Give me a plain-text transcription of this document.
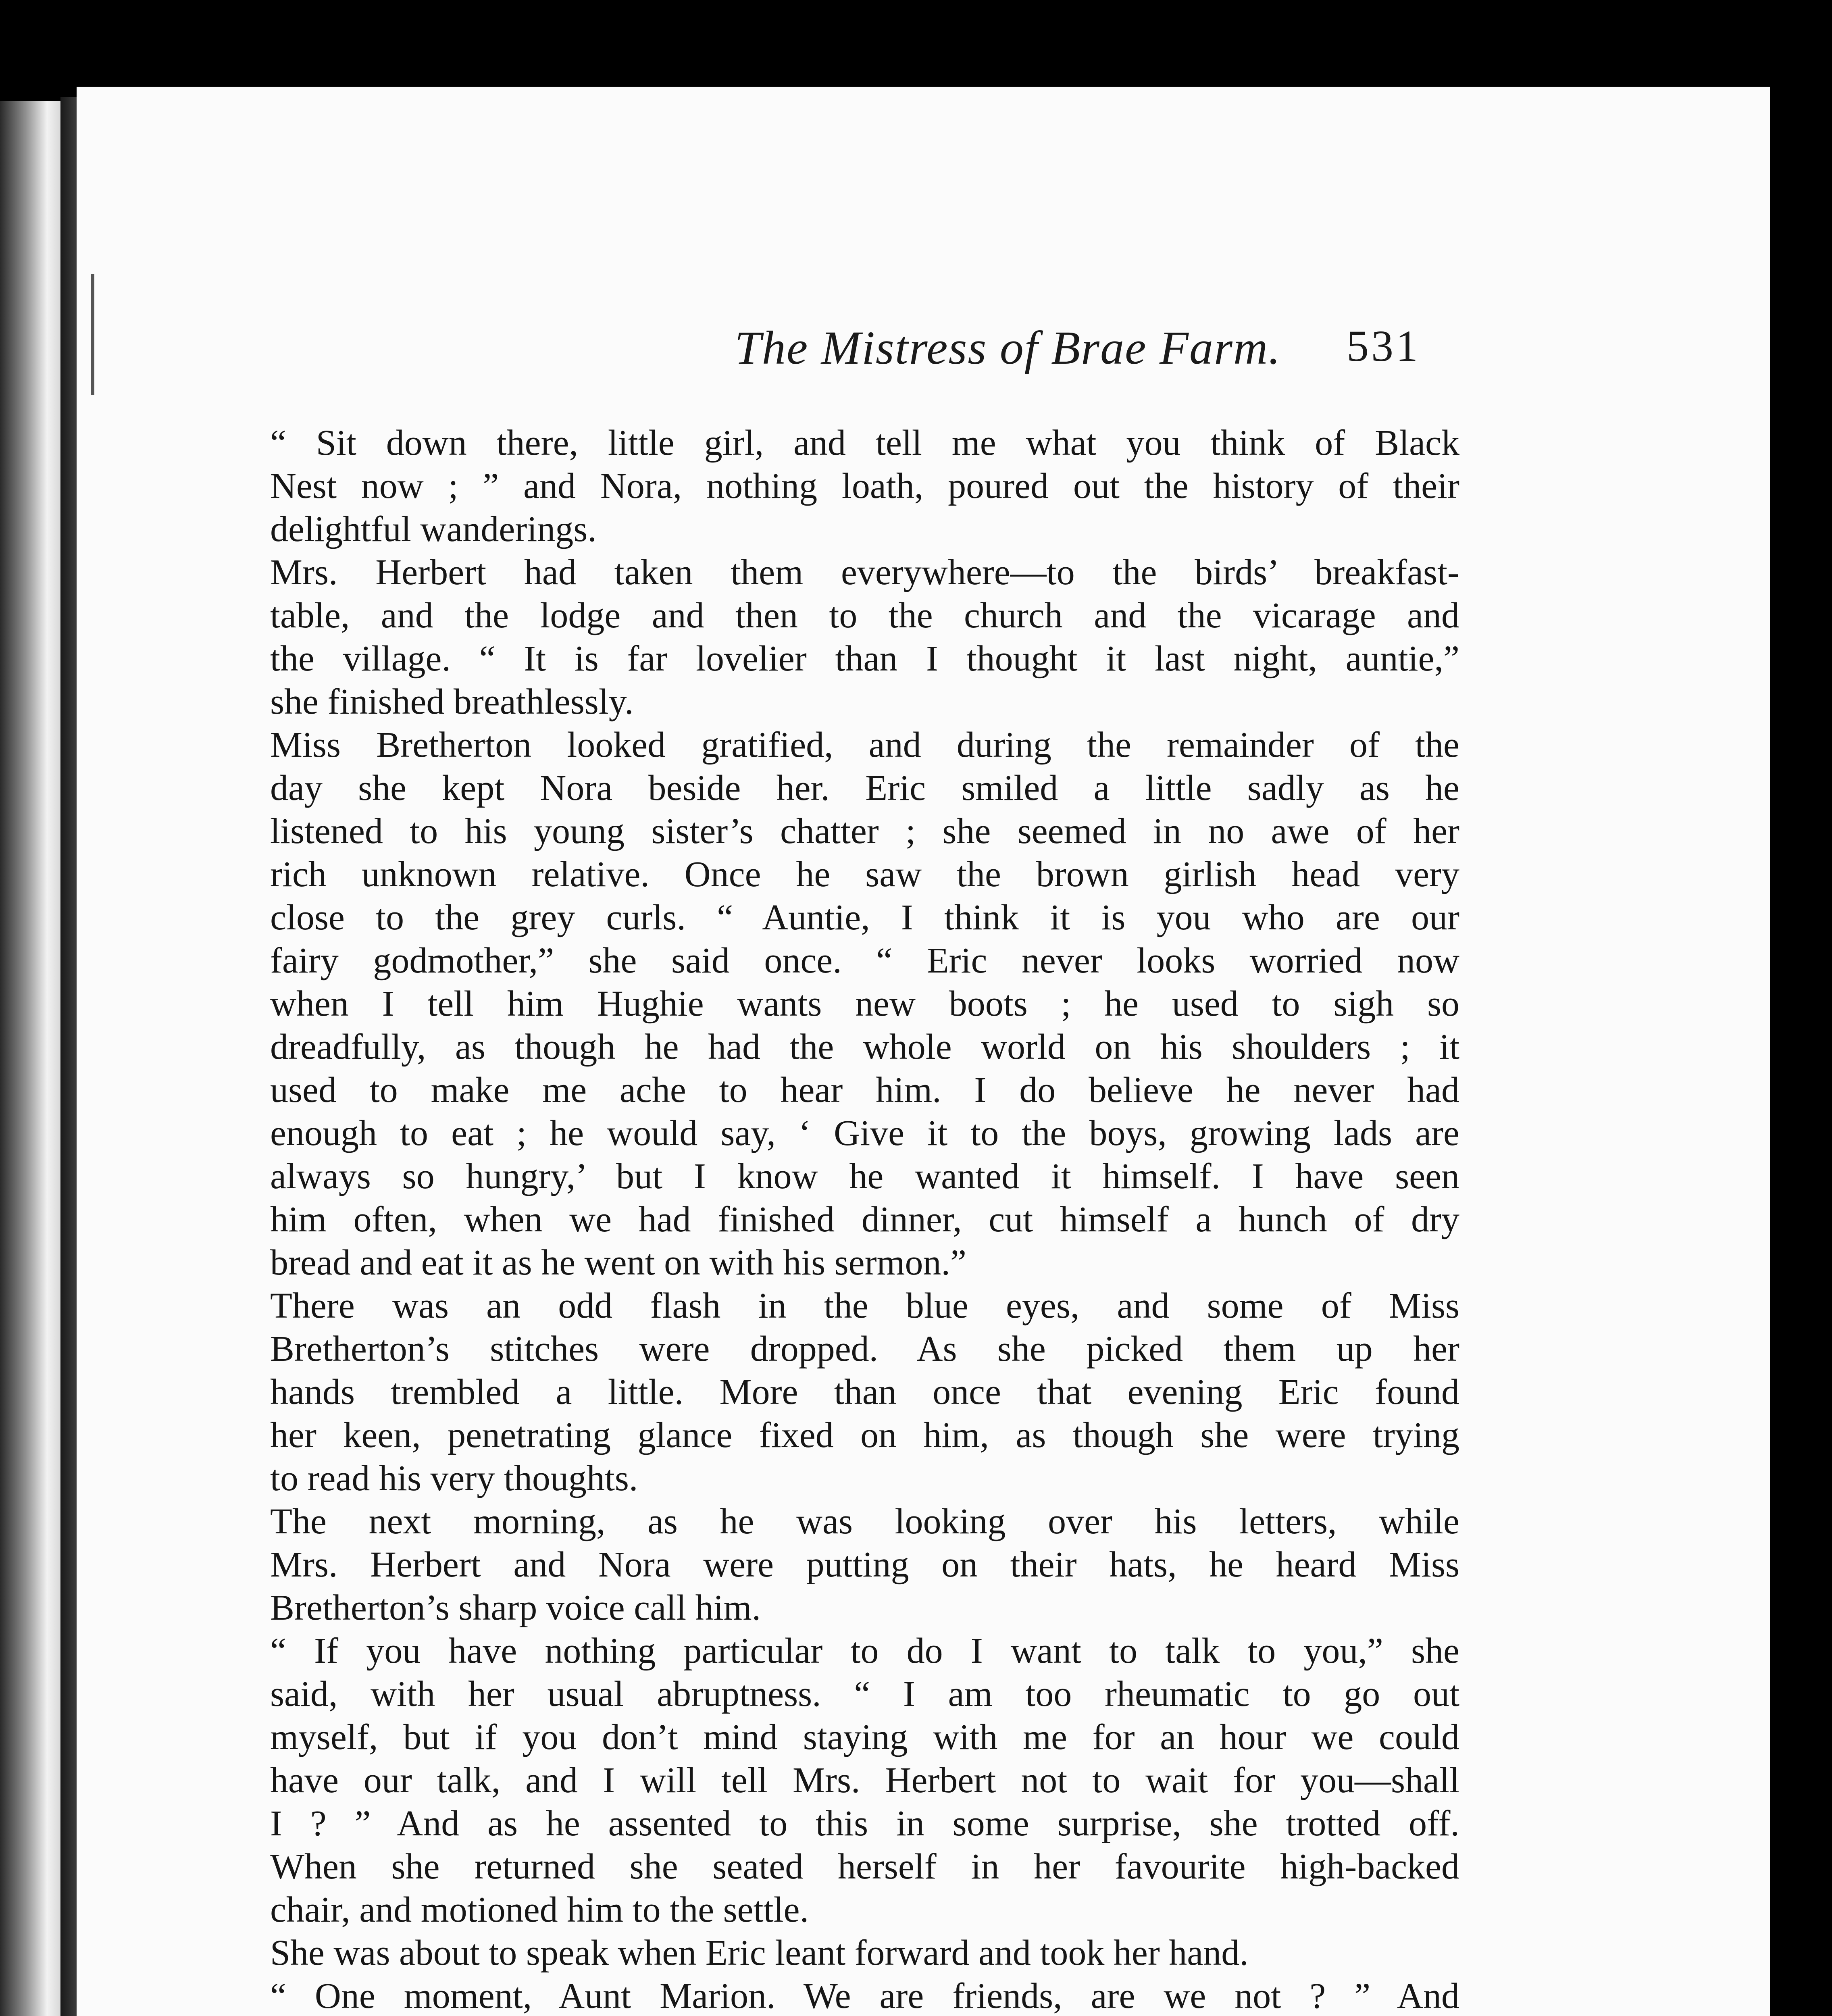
The Mistress of Brae Farm.	531

“ Sit down there, little girl, and tell me what you think of Black
Nest now ; ” and Nora, nothing loath, poured out the history of their
delightful wanderings.

Mrs. Herbert had taken them everywhere—to the birds’ breakfast-
table, and the lodge and then to the church and the vicarage and
the village. “ It is far lovelier than I thought it last night, auntie,”
she finished breathlessly.

Miss Bretherton looked gratified, and during the remainder of the
day she kept Nora beside her. Eric smiled a little sadly as he
listened to his young sister’s chatter ; she seemed in no awe of her
rich unknown relative. Once he saw the brown girlish head very
close to the grey curls. “ Auntie, I think it is you who are our
fairy godmother,” she said once. “ Eric never looks worried now
when I tell him Hughie wants new boots ; he used to sigh so
dreadfully, as though he had the whole world on his shoulders ; it
used to make me ache to hear him. I do believe he never had
enough to eat ; he would say, ‘ Give it to the boys, growing lads are
always so hungry,’ but I know he wanted it himself. I have seen
him often, when we had finished dinner, cut himself a hunch of dry
bread and eat it as he went on with his sermon.”

There was an odd flash in the blue eyes, and some of Miss
Bretherton’s stitches were dropped. As she picked them up her
hands trembled a little. More than once that evening Eric found
her keen, penetrating glance fixed on him, as though she were trying
to read his very thoughts.

The next morning, as he was looking over his letters, while
Mrs. Herbert and Nora were putting on their hats, he heard Miss
Bretherton’s sharp voice call him.

“ If you have nothing particular to do I want to talk to you,” she
said, with her usual abruptness. “ I am too rheumatic to go out
myself, but if you don’t mind staying with me for an hour we could
have our talk, and I will tell Mrs. Herbert not to wait for you—shall
I ? ” And as he assented to this in some surprise, she trotted off.
When she returned she seated herself in her favourite high-backed
chair, and motioned him to the settle.

She was about to speak when Eric leant forward and took her hand.

“ One moment, Aunt Marion. We are friends, are we not ? ” And
